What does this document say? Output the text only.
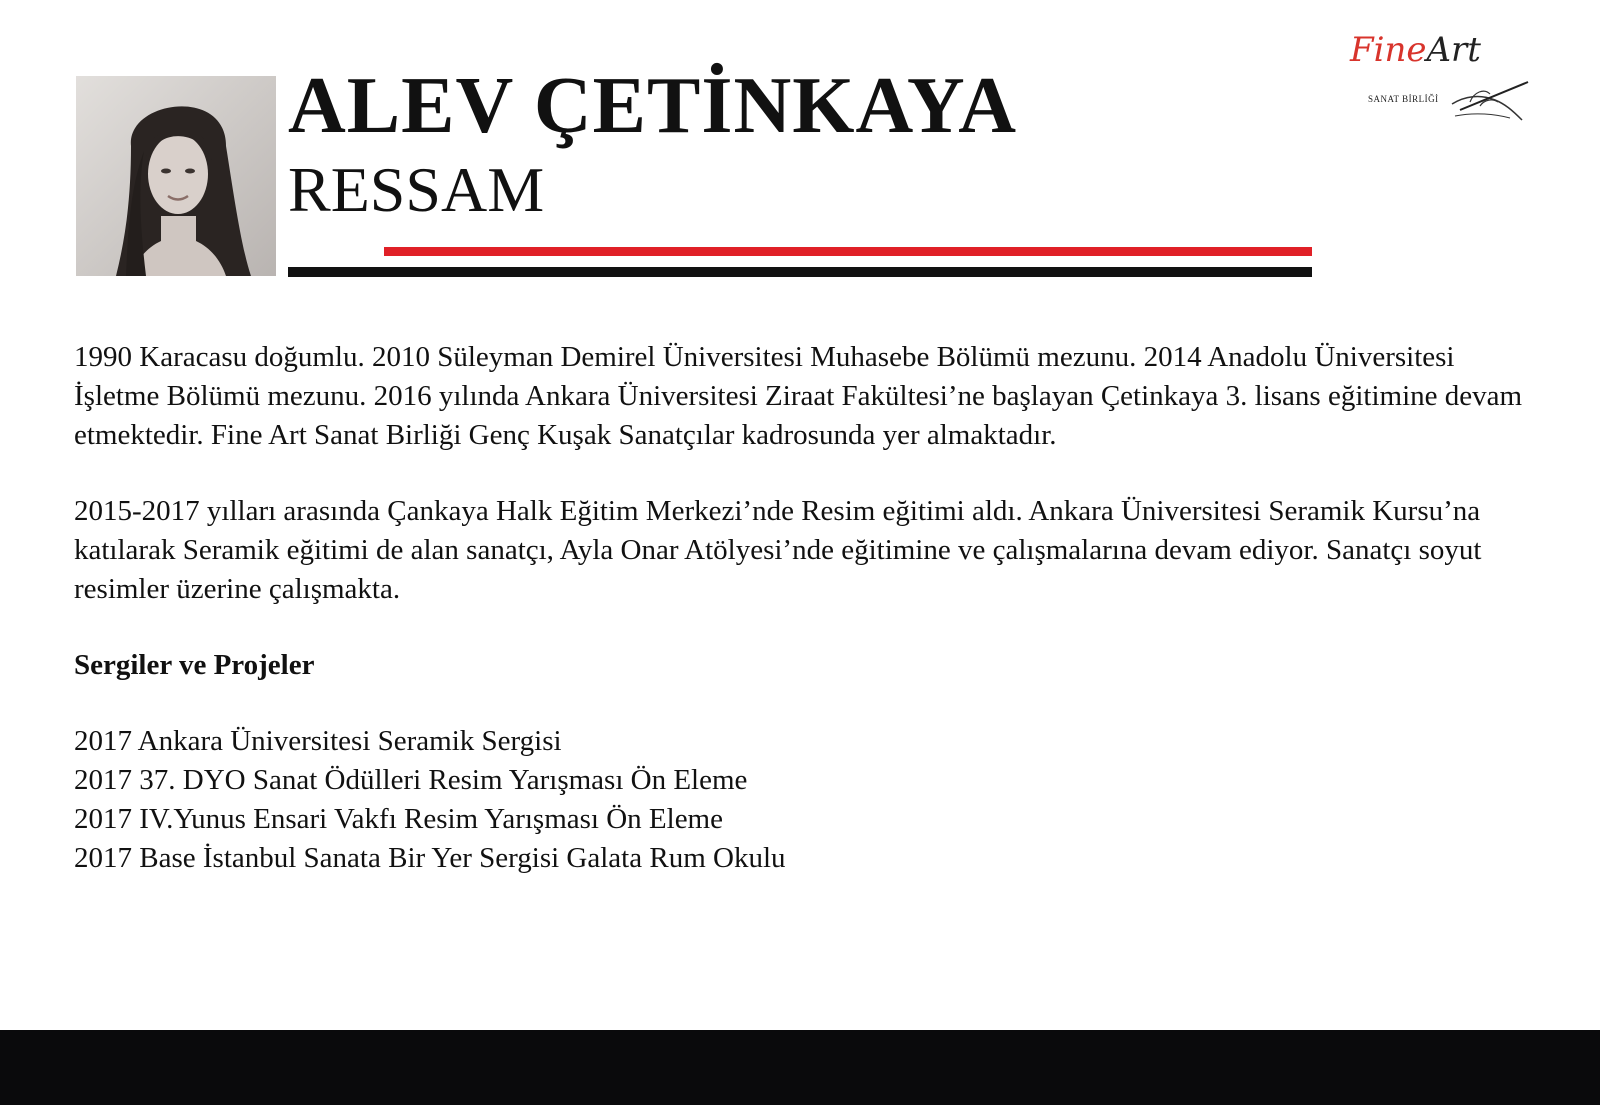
ALEV ÇETİNKAYA
RESSAM
FineArt
SANAT BİRLİĞİ

1990 Karacasu doğumlu. 2010 Süleyman Demirel Üniversitesi Muhasebe Bölümü mezunu. 2014 Anadolu Üniversitesi İşletme Bölümü mezunu. 2016 yılında Ankara Üniversitesi Ziraat Fakültesi’ne başlayan Çetinkaya 3. lisans eğitimine devam etmektedir. Fine Art Sanat Birliği Genç Kuşak Sanatçılar kadrosunda yer almaktadır.

2015-2017 yılları arasında Çankaya Halk Eğitim Merkezi’nde Resim eğitimi aldı. Ankara Üniversitesi Seramik Kursu’na katılarak Seramik eğitimi de alan sanatçı, Ayla Onar Atölyesi’nde eğitimine ve çalışmalarına devam ediyor. Sanatçı soyut resimler üzerine çalışmakta.

Sergiler ve Projeler
2017 Ankara Üniversitesi Seramik Sergisi
2017 37. DYO Sanat Ödülleri Resim Yarışması Ön Eleme
2017 IV.Yunus Ensari Vakfı Resim Yarışması Ön Eleme
2017 Base İstanbul Sanata Bir Yer Sergisi Galata Rum Okulu
